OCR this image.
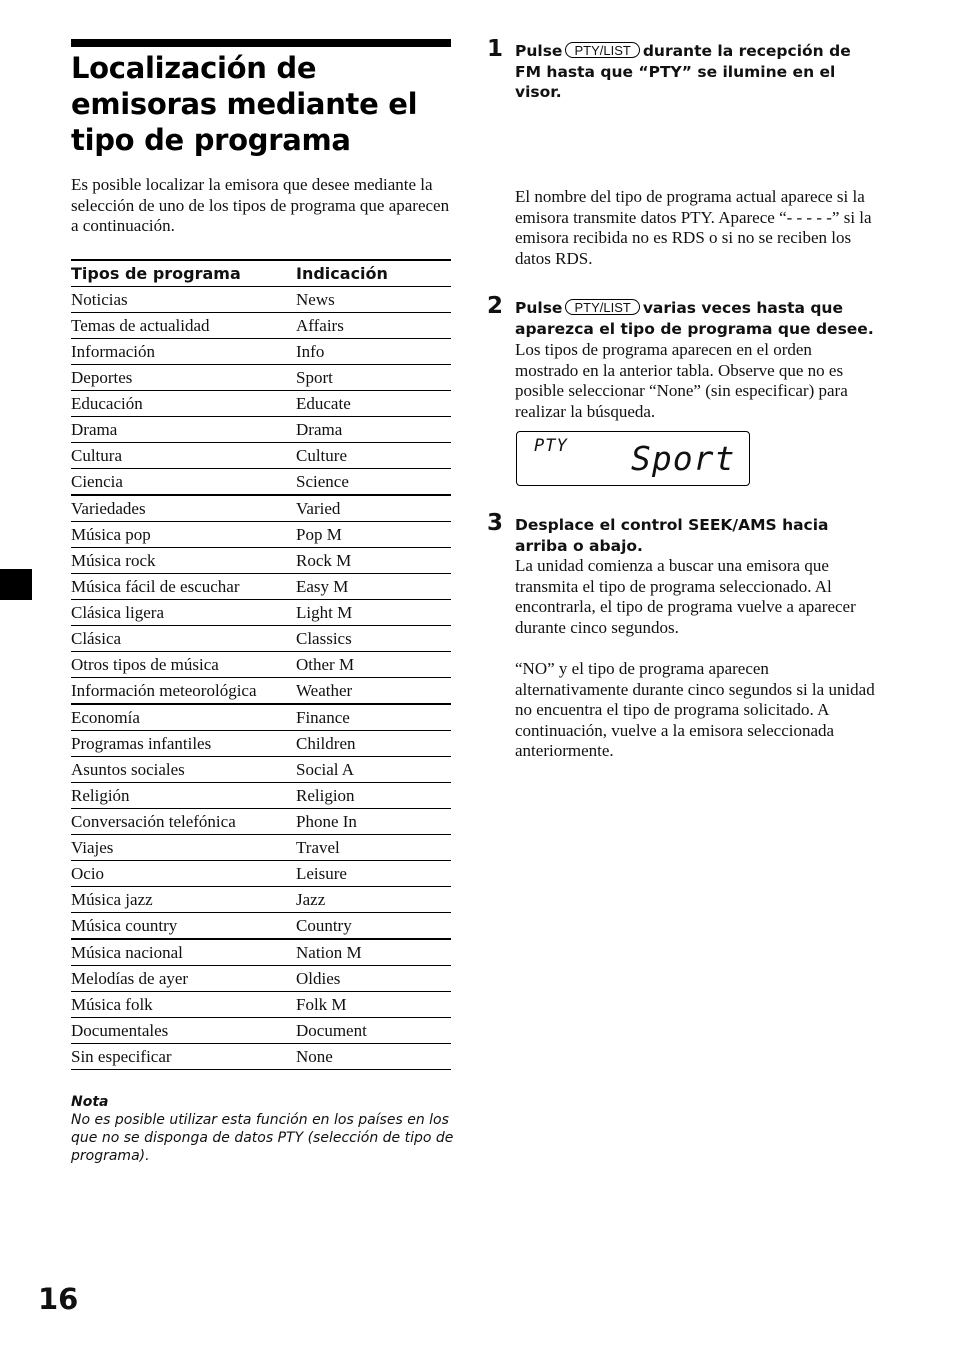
Localización de emisoras mediante el tipo de programa

Es posible localizar la emisora que desee mediante la selección de uno de los tipos de programa que aparecen a continuación.

Tipos de programa	Indicación
Noticias	News
Temas de actualidad	Affairs
Información	Info
Deportes	Sport
Educación	Educate
Drama	Drama
Cultura	Culture
Ciencia	Science
Variedades	Varied
Música pop	Pop M
Música rock	Rock M
Música fácil de escuchar	Easy M
Clásica ligera	Light M
Clásica	Classics
Otros tipos de música	Other M
Información meteorológica	Weather
Economía	Finance
Programas infantiles	Children
Asuntos sociales	Social A
Religión	Religion
Conversación telefónica	Phone In
Viajes	Travel
Ocio	Leisure
Música jazz	Jazz
Música country	Country
Música nacional	Nation M
Melodías de ayer	Oldies
Música folk	Folk M
Documentales	Document
Sin especificar	None
Nota
No es posible utilizar esta función en los países en los que no se disponga de datos PTY (selección de tipo de programa).
16
1 Pulse PTY/LIST durante la recepción de FM hasta que “PTY” se ilumine en el visor.

El nombre del tipo de programa actual aparece si la emisora transmite datos PTY. Aparece “- - - - -” si la emisora recibida no es RDS o si no se reciben los datos RDS.

2 Pulse PTY/LIST varias veces hasta que aparezca el tipo de programa que desee.

Los tipos de programa aparecen en el orden mostrado en la anterior tabla. Observe que no es posible seleccionar “None” (sin especificar) para realizar la búsqueda.

PTY Sport
3 Desplace el control SEEK/AMS hacia arriba o abajo.

La unidad comienza a buscar una emisora que transmita el tipo de programa seleccionado. Al encontrarla, el tipo de programa vuelve a aparecer durante cinco segundos.

“NO” y el tipo de programa aparecen alternativamente durante cinco segundos si la unidad no encuentra el tipo de programa solicitado. A continuación, vuelve a la emisora seleccionada anteriormente.
